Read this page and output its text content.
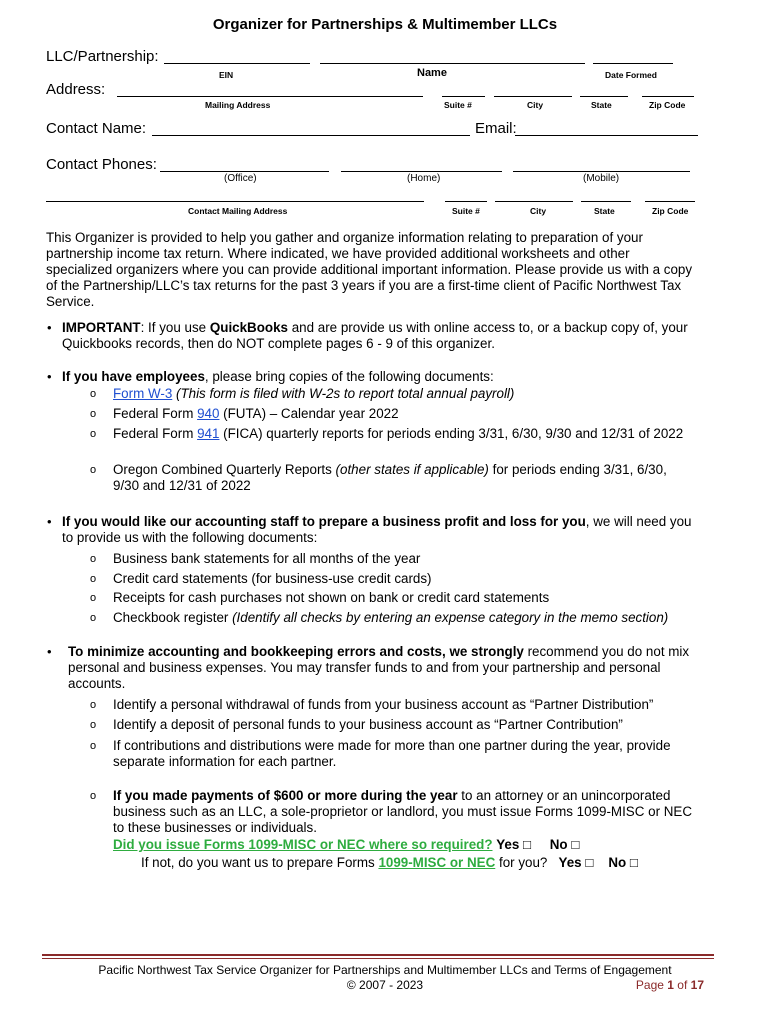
Organizer for Partnerships & Multimember LLCs
LLC/Partnership:
EIN	Name	Date Formed
Address:
Mailing Address	Suite #	City	State	Zip Code
Contact Name:	Email:
Contact Phones:
(Office)	(Home)	(Mobile)
Contact Mailing Address	Suite #	City	State	Zip Code

This Organizer is provided to help you gather and organize information relating to preparation of your partnership income tax return. Where indicated, we have provided additional worksheets and other specialized organizers where you can provide additional important information. Please provide us with a copy of the Partnership/LLC’s tax returns for the past 3 years if you are a first-time client of Pacific Northwest Tax Service.

• IMPORTANT: If you use QuickBooks and are provide us with online access to, or a backup copy of, your Quickbooks records, then do NOT complete pages 6 - 9 of this organizer.

• If you have employees, please bring copies of the following documents:

o Form W-3 (This form is filed with W-2s to report total annual payroll)

o Federal Form 940 (FUTA) – Calendar year 2022

o Federal Form 941 (FICA) quarterly reports for periods ending 3/31, 6/30, 9/30 and 12/31 of 2022

o Oregon Combined Quarterly Reports (other states if applicable) for periods ending 3/31, 6/30, 9/30 and 12/31 of 2022

• If you would like our accounting staff to prepare a business profit and loss for you, we will need you to provide us with the following documents:

o Business bank statements for all months of the year

o Credit card statements (for business-use credit cards)

o Receipts for cash purchases not shown on bank or credit card statements

o Checkbook register (Identify all checks by entering an expense category in the memo section)

• To minimize accounting and bookkeeping errors and costs, we strongly recommend you do not mix personal and business expenses. You may transfer funds to and from your partnership and personal accounts.

o Identify a personal withdrawal of funds from your business account as “Partner Distribution”

o Identify a deposit of personal funds to your business account as “Partner Contribution”

o If contributions and distributions were made for more than one partner during the year, provide separate information for each partner.

o If you made payments of $600 or more during the year to an attorney or an unincorporated business such as an LLC, a sole-proprietor or landlord, you must issue Forms 1099-MISC or NEC to these businesses or individuals.

Did you issue Forms 1099-MISC or NEC where so required? Yes □ No □

If not, do you want us to prepare Forms 1099-MISC or NEC for you? Yes □ No □

Pacific Northwest Tax Service Organizer for Partnerships and Multimember LLCs and Terms of Engagement
© 2007 - 2023	Page 1 of 17
